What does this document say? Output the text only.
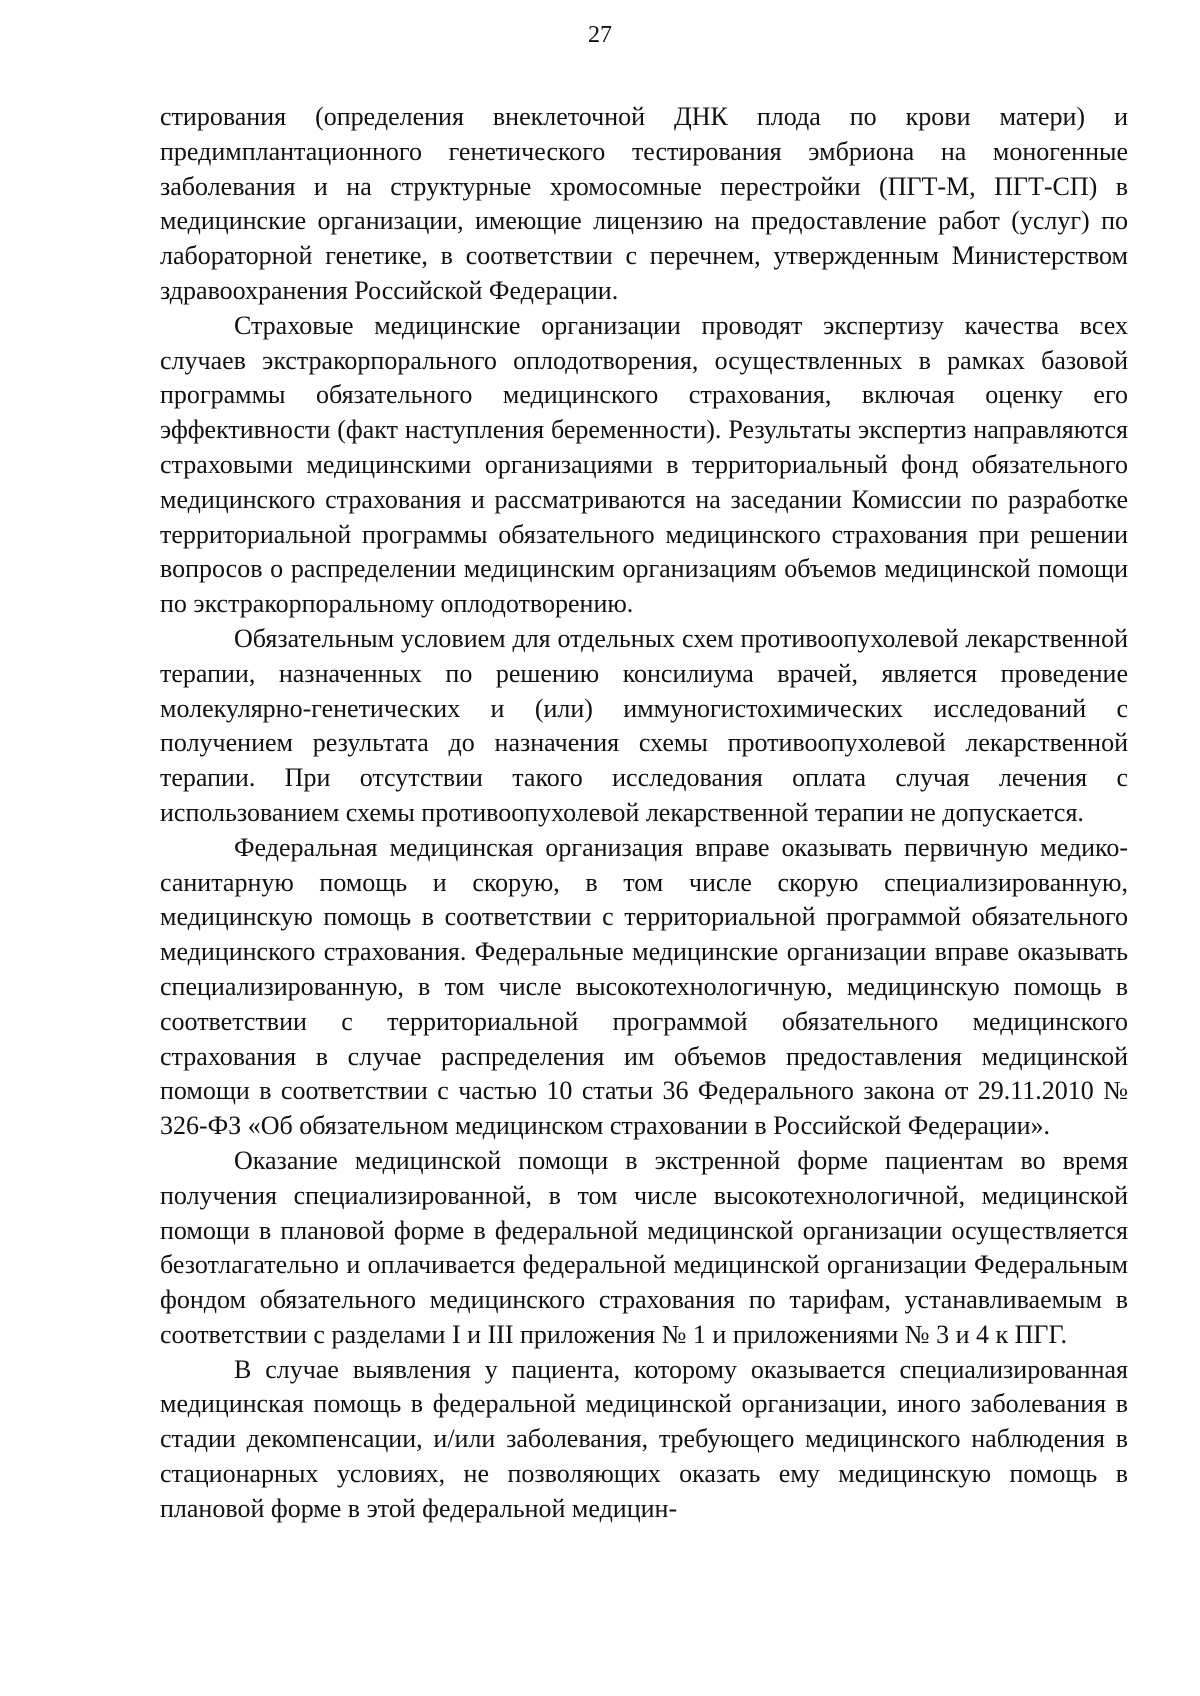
27

стирования (определения внеклеточной ДНК плода по крови матери) и предимплантационного генетического тестирования эмбриона на моногенные заболевания и на структурные хромосомные перестройки (ПГТ-М, ПГТ-СП) в медицинские организации, имеющие лицензию на предоставление работ (услуг) по лабораторной генетике, в соответствии с перечнем, утвержденным Министерством здравоохранения Российской Федерации.

Страховые медицинские организации проводят экспертизу качества всех случаев экстракорпорального оплодотворения, осуществленных в рамках базовой программы обязательного медицинского страхования, включая оценку его эффективности (факт наступления беременности). Результаты экспертиз направляются страховыми медицинскими организациями в территориальный фонд обязательного медицинского страхования и рассматриваются на заседании Комиссии по разработке территориальной программы обязательного медицинского страхования при решении вопросов о распределении медицинским организациям объемов медицинской помощи по экстракорпоральному оплодотворению.

Обязательным условием для отдельных схем противоопухолевой лекарственной терапии, назначенных по решению консилиума врачей, является проведение молекулярно-генетических и (или) иммуногистохимических исследований с получением результата до назначения схемы противоопухолевой лекарственной терапии. При отсутствии такого исследования оплата случая лечения с использованием схемы противоопухолевой лекарственной терапии не допускается.

Федеральная медицинская организация вправе оказывать первичную медико-санитарную помощь и скорую, в том числе скорую специализированную, медицинскую помощь в соответствии с территориальной программой обязательного медицинского страхования. Федеральные медицинские организации вправе оказывать специализированную, в том числе высокотехнологичную, медицинскую помощь в соответствии с территориальной программой обязательного медицинского страхования в случае распределения им объемов предоставления медицинской помощи в соответствии с частью 10 статьи 36 Федерального закона от 29.11.2010 № 326-ФЗ «Об обязательном медицинском страховании в Российской Федерации».

Оказание медицинской помощи в экстренной форме пациентам во время получения специализированной, в том числе высокотехнологичной, медицинской помощи в плановой форме в федеральной медицинской организации осуществляется безотлагательно и оплачивается федеральной медицинской организации Федеральным фондом обязательного медицинского страхования по тарифам, устанавливаемым в соответствии с разделами I и III приложения № 1 и приложениями № 3 и 4 к ПГГ.

В случае выявления у пациента, которому оказывается специализированная медицинская помощь в федеральной медицинской организации, иного заболевания в стадии декомпенсации, и/или заболевания, требующего медицинского наблюдения в стационарных условиях, не позволяющих оказать ему медицинскую помощь в плановой форме в этой федеральной медицин-
